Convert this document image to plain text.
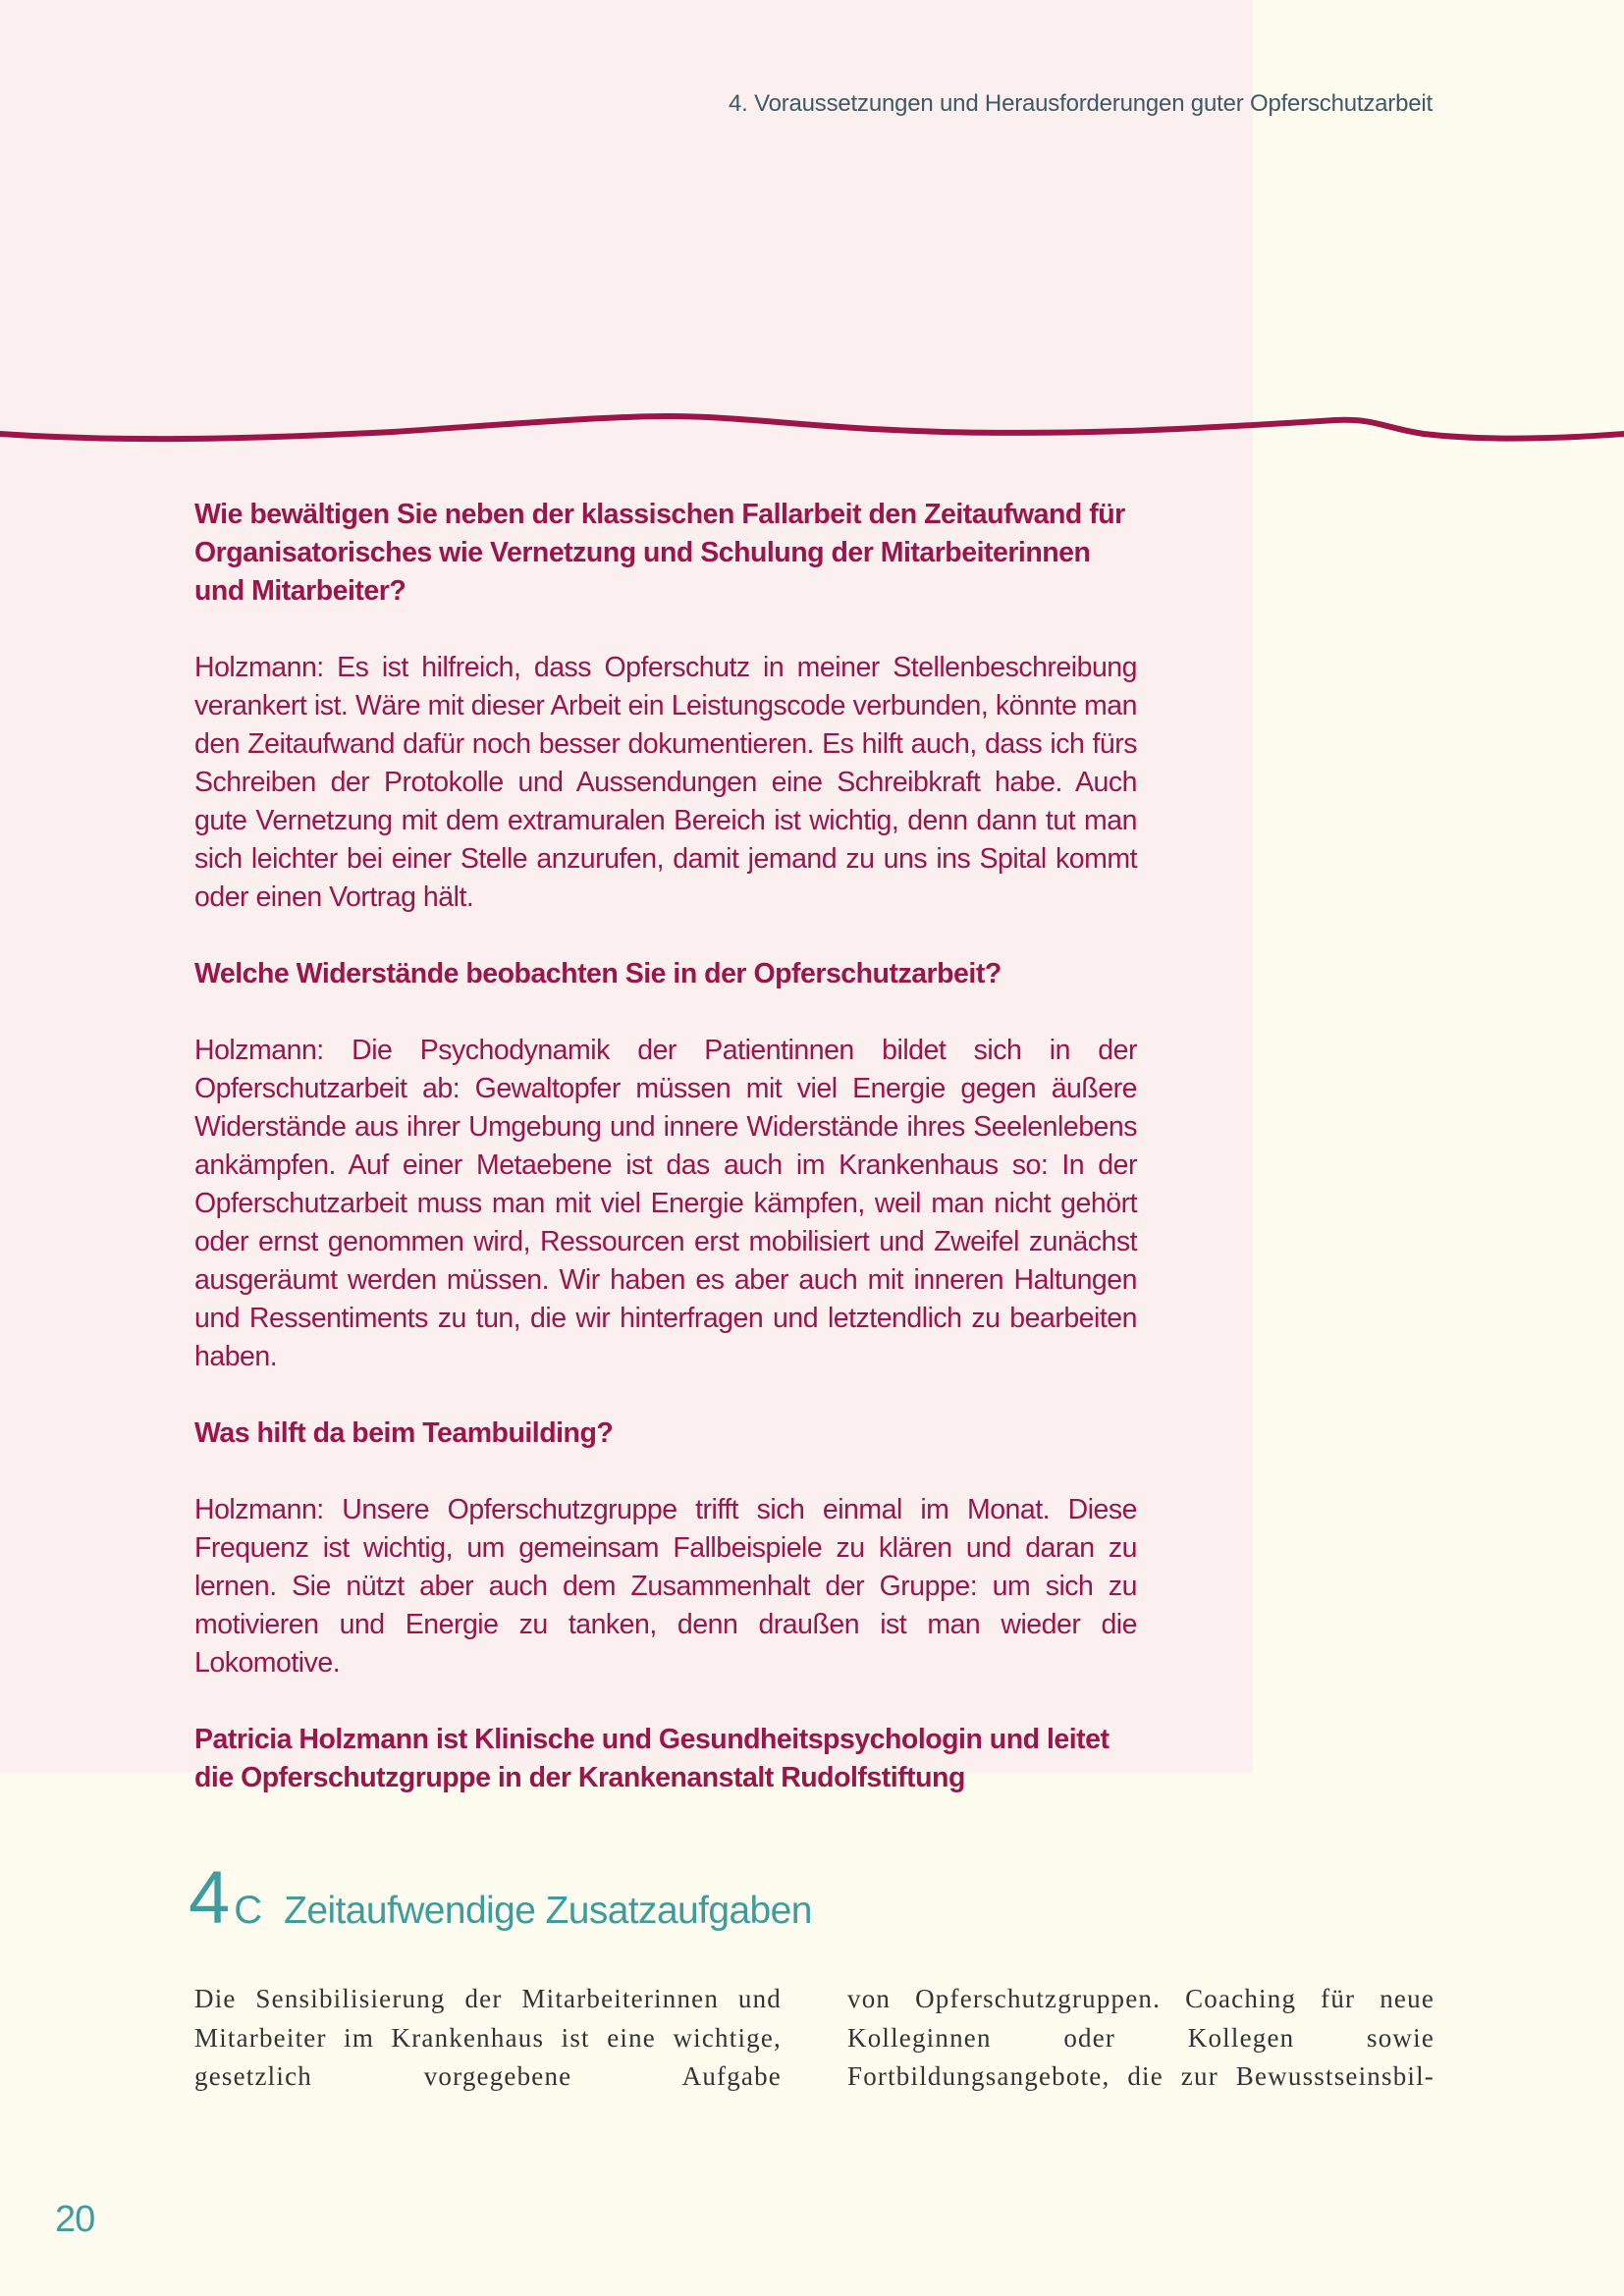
4. Voraussetzungen und Herausforderungen guter Opferschutzarbeit

Wie bewältigen Sie neben der klassischen Fallarbeit den Zeitaufwand für Organisatorisches wie Vernetzung und Schulung der Mitarbeiterinnen und Mitarbeiter?

Holzmann: Es ist hilfreich, dass Opferschutz in meiner Stellenbeschreibung verankert ist. Wäre mit dieser Arbeit ein Leistungscode verbunden, könnte man den Zeitaufwand dafür noch besser dokumentieren. Es hilft auch, dass ich fürs Schreiben der Protokolle und Aussendungen eine Schreibkraft habe. Auch gute Vernetzung mit dem extramuralen Bereich ist wichtig, denn dann tut man sich leichter bei einer Stelle anzurufen, damit jemand zu uns ins Spital kommt oder einen Vortrag hält.

Welche Widerstände beobachten Sie in der Opferschutzarbeit?

Holzmann: Die Psychodynamik der Patientinnen bildet sich in der Opferschutzarbeit ab: Gewaltopfer müssen mit viel Energie gegen äußere Widerstände aus ihrer Umgebung und innere Widerstände ihres Seelenlebens ankämpfen. Auf einer Metaebene ist das auch im Krankenhaus so: In der Opferschutzarbeit muss man mit viel Energie kämpfen, weil man nicht gehört oder ernst genommen wird, Ressourcen erst mobilisiert und Zweifel zunächst ausgeräumt werden müssen. Wir haben es aber auch mit inneren Haltungen und Ressentiments zu tun, die wir hinterfragen und letztendlich zu bearbeiten haben.

Was hilft da beim Teambuilding?

Holzmann: Unsere Opferschutzgruppe trifft sich einmal im Monat. Diese Frequenz ist wichtig, um gemeinsam Fallbeispiele zu klären und daran zu lernen. Sie nützt aber auch dem Zusammenhalt der Gruppe: um sich zu motivieren und Energie zu tanken, denn draußen ist man wieder die Lokomotive.

Patricia Holzmann ist Klinische und Gesundheitspsychologin und leitet die Opferschutzgruppe in der Krankenanstalt Rudolfstiftung

4 C Zeitaufwendige Zusatzaufgaben
Die Sensibilisierung der Mitarbeiterinnen und Mitarbeiter im Krankenhaus ist eine wichtige, gesetzlich vorgegebene Aufgabe
von Opferschutzgruppen. Coaching für neue Kolleginnen oder Kollegen sowie Fortbildungsangebote, die zur Bewusstseinsbil-
20
